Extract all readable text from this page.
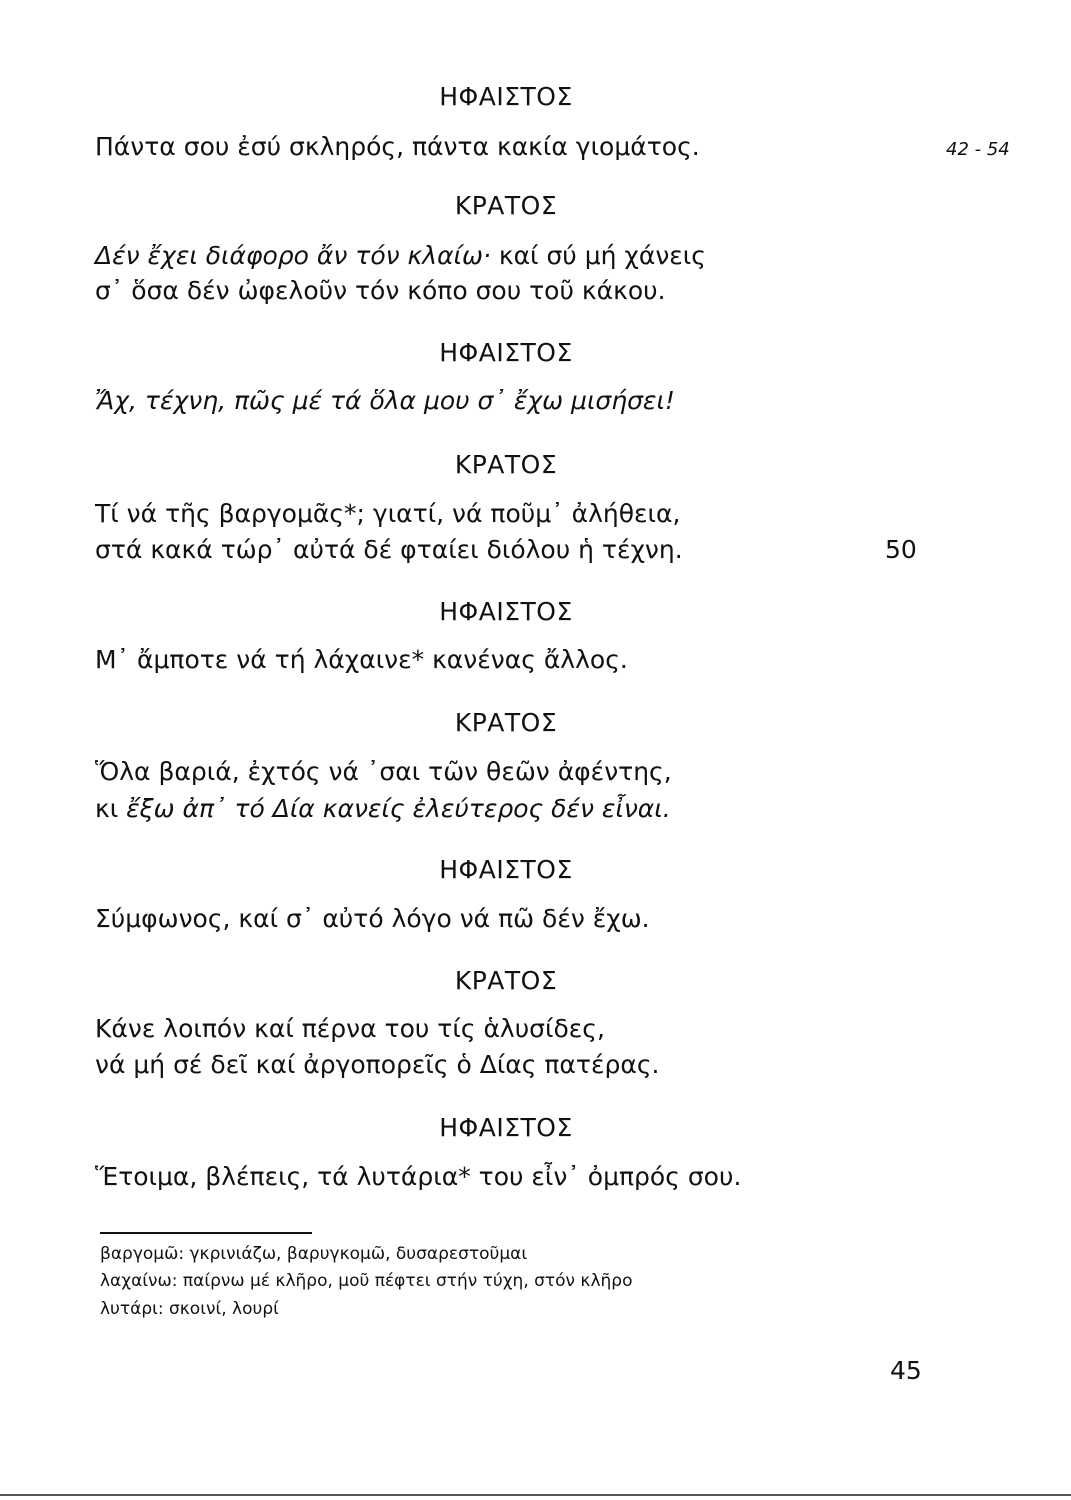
ΗΦΑΙΣΤΟΣ
Πάντα σου ἐσύ σκληρός, πάντα κακία γιομάτος.	42 - 54
ΚΡΑΤΟΣ
Δέν ἔχει διάφορο ἄν τόν κλαίω· καί σύ μή χάνεις
σ᾽ ὅσα δέν ὠφελοῦν τόν κόπο σου τοῦ κάκου.
ΗΦΑΙΣΤΟΣ
Ἄχ, τέχνη, πῶς μέ τά ὅλα μου σ᾽ ἔχω μισήσει!
ΚΡΑΤΟΣ
Τί νά τῆς βαργομᾶς*; γιατί, νά ποῦμ᾽ ἀλήθεια,
στά κακά τώρ᾽ αὐτά δέ φταίει διόλου ἡ τέχνη.	50
ΗΦΑΙΣΤΟΣ
Μ᾽ ἄμποτε νά τή λάχαινε* κανένας ἄλλος.
ΚΡΑΤΟΣ
Ὅλα βαριά, ἐχτός νά ᾽σαι τῶν θεῶν ἀφέντης,
κι ἔξω ἀπ᾽ τό Δία κανείς ἐλεύτερος δέν εἶναι.
ΗΦΑΙΣΤΟΣ
Σύμφωνος, καί σ᾽ αὐτό λόγο νά πῶ δέν ἔχω.
ΚΡΑΤΟΣ
Κάνε λοιπόν καί πέρνα του τίς ἁλυσίδες,
νά μή σέ δεῖ καί ἀργοπορεῖς ὁ Δίας πατέρας.
ΗΦΑΙΣΤΟΣ
Ἕτοιμα, βλέπεις, τά λυτάρια* του εἶν᾽ ὀμπρός σου.
βαργομῶ: γκρινιάζω, βαρυγκομῶ, δυσαρεστοῦμαι
λαχαίνω: παίρνω μέ κλῆρο, μοῦ πέφτει στήν τύχη, στόν κλῆρο
λυτάρι: σκοινί, λουρί
45
